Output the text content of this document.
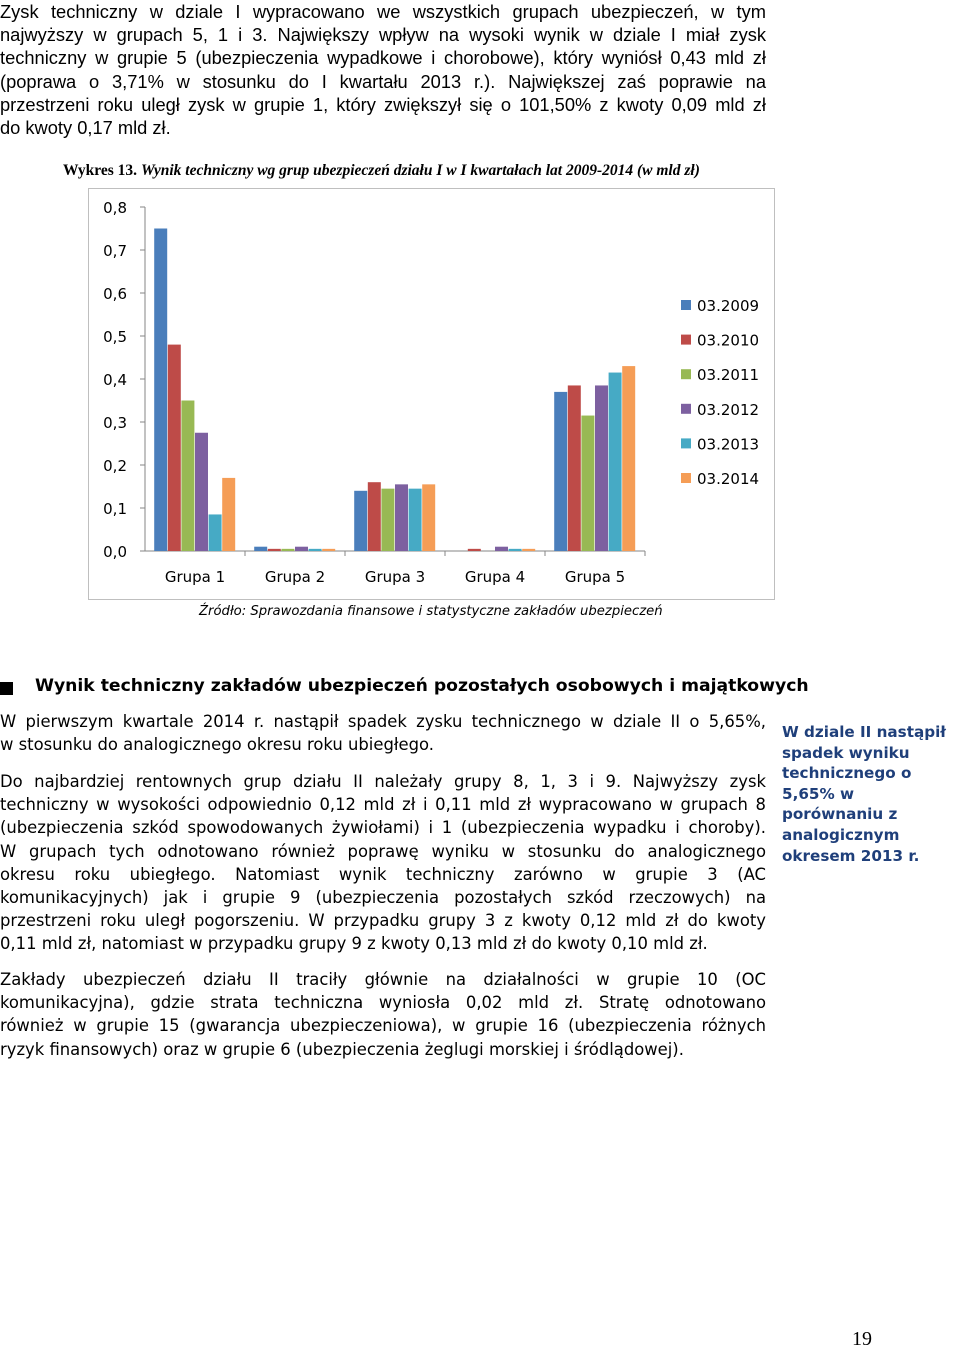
Zysk techniczny w dziale I wypracowano we wszystkich grupach ubezpieczeń, w tym
najwyższy w grupach 5, 1 i 3. Największy wpływ na wysoki wynik w dziale I miał zysk
techniczny w grupie 5 (ubezpieczenia wypadkowe i chorobowe), który wyniósł 0,43 mld zł
(poprawa o 3,71% w stosunku do I kwartału 2013 r.). Największej zaś poprawie na
przestrzeni roku uległ zysk w grupie 1, który zwiększył się o 101,50% z kwoty 0,09 mld zł
do kwoty 0,17 mld zł.

Wykres 13. Wynik techniczny wg grup ubezpieczeń działu I w I kwartałach lat 2009-2014 (w mld zł)
0,0
0,1
0,2
0,3
0,4
0,5
0,6
0,7
0,8
Grupa 1	Grupa 2	Grupa 3	Grupa 4	Grupa 5
03.2009
03.2010
03.2011
03.2012
03.2013
03.2014
Źródło: Sprawozdania finansowe i statystyczne zakładów ubezpieczeń
Wynik techniczny zakładów ubezpieczeń pozostałych osobowych i majątkowych

W pierwszym kwartale 2014 r. nastąpił spadek zysku technicznego w dziale II o 5,65%,
w stosunku do analogicznego okresu roku ubiegłego.

Do najbardziej rentownych grup działu II należały grupy 8, 1, 3 i 9. Najwyższy zysk
techniczny w wysokości odpowiednio 0,12 mld zł i 0,11 mld zł wypracowano w grupach 8
(ubezpieczenia szkód spowodowanych żywiołami) i 1 (ubezpieczenia wypadku i choroby).
W grupach tych odnotowano również poprawę wyniku w stosunku do analogicznego
okresu roku ubiegłego. Natomiast wynik techniczny zarówno w grupie 3 (AC
komunikacyjnych) jak i grupie 9 (ubezpieczenia pozostałych szkód rzeczowych) na
przestrzeni roku uległ pogorszeniu. W przypadku grupy 3 z kwoty 0,12 mld zł do kwoty
0,11 mld zł, natomiast w przypadku grupy 9 z kwoty 0,13 mld zł do kwoty 0,10 mld zł.

Zakłady ubezpieczeń działu II traciły głównie na działalności w grupie 10 (OC
komunikacyjna), gdzie strata techniczna wyniosła 0,02 mld zł. Stratę odnotowano
również w grupie 15 (gwarancja ubezpieczeniowa), w grupie 16 (ubezpieczenia różnych
ryzyk finansowych) oraz w grupie 6 (ubezpieczenia żeglugi morskiej i śródlądowej).

W dziale II nastąpił
spadek wyniku
technicznego o
5,65% w
porównaniu z
analogicznym
okresem 2013 r.
19
